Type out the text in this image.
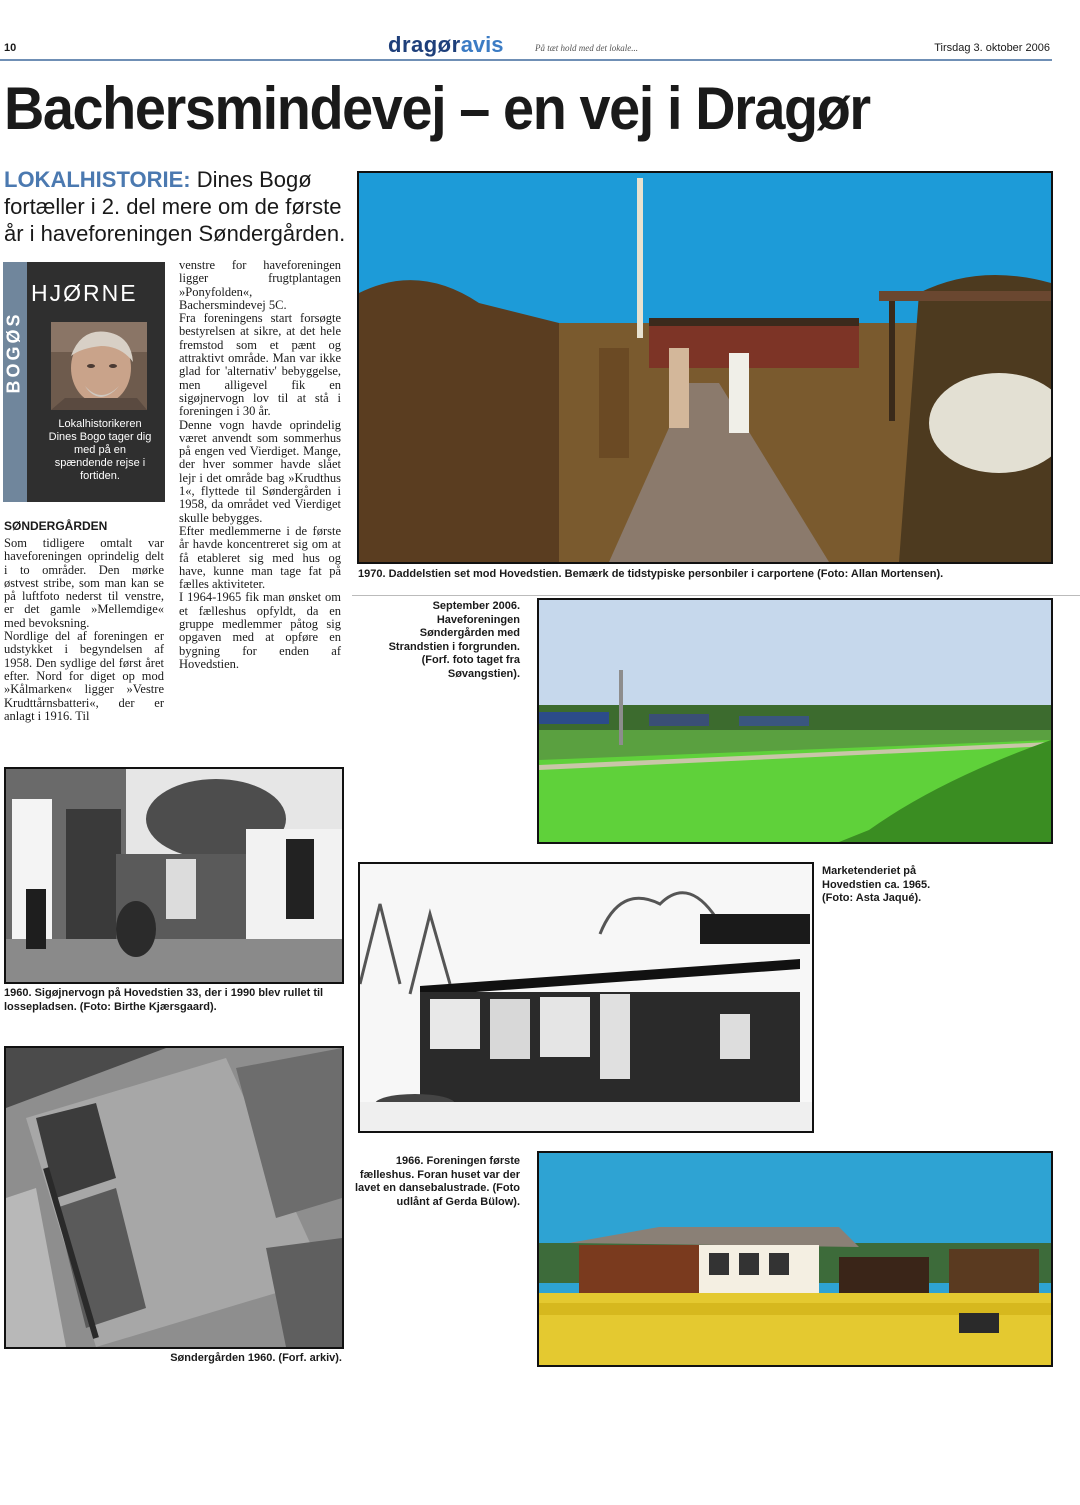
10	dragøravis	På tæt hold med det lokale...	Tirsdag 3. oktober 2006
Bachersmindevej – en vej i Dragør
LOKALHISTORIE: Dines Bogø fortæller i 2. del mere om de første år i haveforeningen Søndergården.
BOGØS
HJØRNE
Lokalhistorikeren Dines Bogo tager dig med på en spændende rejse i fortiden.
SØNDERGÅRDEN
Som tidligere omtalt var haveforeningen oprindelig delt i to områder. Den mørke østvest stribe, som man kan se på luftfoto nederst til venstre, er det gamle »Mellemdige« med bevoksning.
Nordlige del af foreningen er udstykket i begyndelsen af 1958. Den sydlige del først året efter. Nord for diget op mod »Kålmarken« ligger »Vestre Krudttårnsbatteri«, der er anlagt i 1916. Til
venstre for haveforeningen ligger frugtplantagen »Ponyfolden«, Bachersmindevej 5C.
Fra foreningens start forsøgte bestyrelsen at sikre, at det hele fremstod som et pænt og attraktivt område. Man var ikke glad for 'alternativ' bebyggelse, men alligevel fik en sigøjnervogn lov til at stå i foreningen i 30 år.
Denne vogn havde oprindelig været anvendt som sommerhus på engen ved Vierdiget. Mange, der hver sommer havde slået lejr i det område bag »Krudthus 1«, flyttede til Søndergården i 1958, da området ved Vierdiget skulle bebygges.
Efter medlemmerne i de første år havde koncentreret sig om at få etableret sig med hus og have, kunne man tage fat på fælles aktiviteter.
I 1964-1965 fik man ønsket om et fælleshus opfyldt, da en gruppe medlemmer påtog sig opgaven med at opføre en bygning for enden af Hovedstien.
1970. Daddelstien set mod Hovedstien. Bemærk de tidstypiske personbiler i carportene (Foto: Allan Mortensen).
September 2006. Haveforeningen Søndergården med Strandstien i forgrunden. (Forf. foto taget fra Søvangstien).
1960. Sigøjnervogn på Hovedstien 33, der i 1990 blev rullet til lossepladsen. (Foto: Birthe Kjærsgaard).
Marketenderiet på Hovedstien ca. 1965. (Foto: Asta Jaqué).
Søndergården 1960. (Forf. arkiv).
1966. Foreningen første fælleshus. Foran huset var der lavet en dansebalustrade. (Foto udlånt af Gerda Bülow).
